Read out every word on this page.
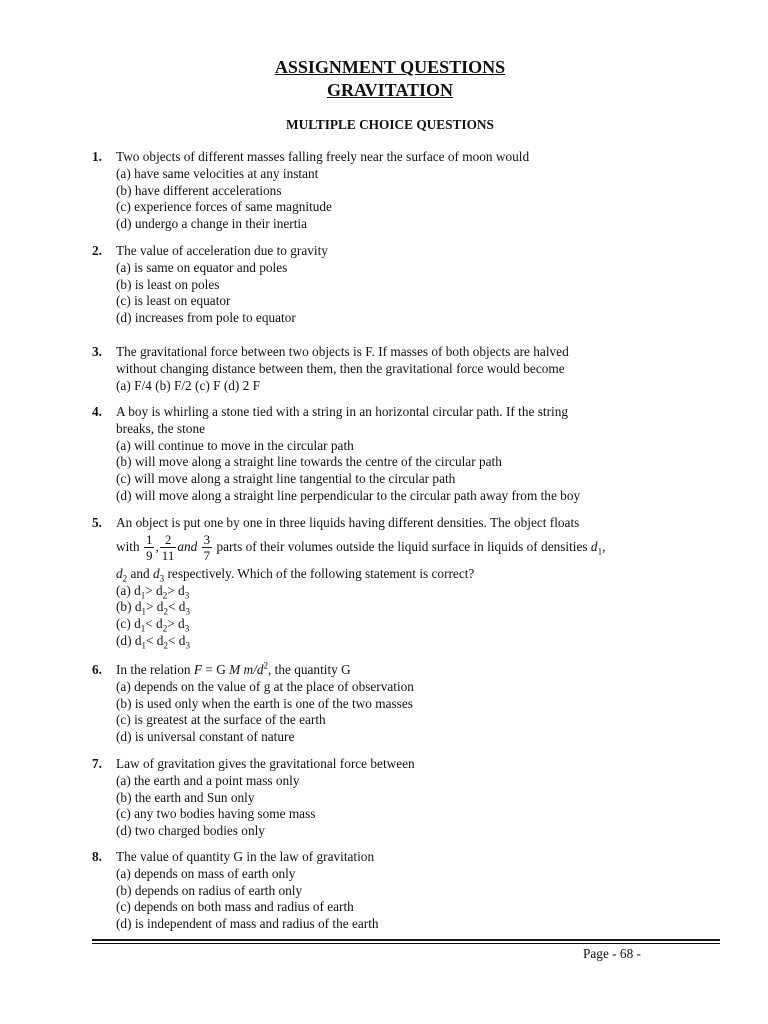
ASSIGNMENT QUESTIONS
GRAVITATION
MULTIPLE CHOICE QUESTIONS
1. Two objects of different masses falling freely near the surface of moon would
(a) have same velocities at any instant
(b) have different accelerations
(c) experience forces of same magnitude
(d) undergo a change in their inertia
2. The value of acceleration due to gravity
(a) is same on equator and poles
(b) is least on poles
(c) is least on equator
(d) increases from pole to equator
3. The gravitational force between two objects is F. If masses of both objects are halved
without changing distance between them, then the gravitational force would become
(a) F/4 (b) F/2 (c) F (d) 2 F
4. A boy is whirling a stone tied with a string in an horizontal circular path. If the string
breaks, the stone
(a) will continue to move in the circular path
(b) will move along a straight line towards the centre of the circular path
(c) will move along a straight line tangential to the circular path
(d) will move along a straight line perpendicular to the circular path away from the boy
5. An object is put one by one in three liquids having different densities. The object floats
with $\frac{1}{9}$ , $\frac{2}{11}$ and $\frac{3}{7}$ parts of their volumes outside the liquid surface in liquids of densities $d_1$,
$d_2$ and $d_3$ respectively. Which of the following statement is correct?
(a) $d_1> d_2> d_3$
(b) $d_1> d_2< d_3$
(c) $d_1< d_2> d_3$
(d) $d_1< d_2< d_3$
6. In the relation F = G M $m/d^2$, the quantity G
(a) depends on the value of g at the place of observation
(b) is used only when the earth is one of the two masses
(c) is greatest at the surface of the earth
(d) is universal constant of nature
7. Law of gravitation gives the gravitational force between
(a) the earth and a point mass only
(b) the earth and Sun only
(c) any two bodies having some mass
(d) two charged bodies only
8. The value of quantity G in the law of gravitation
(a) depends on mass of earth only
(b) depends on radius of earth only
(c) depends on both mass and radius of earth
(d) is independent of mass and radius of the earth
Page - 68 -
